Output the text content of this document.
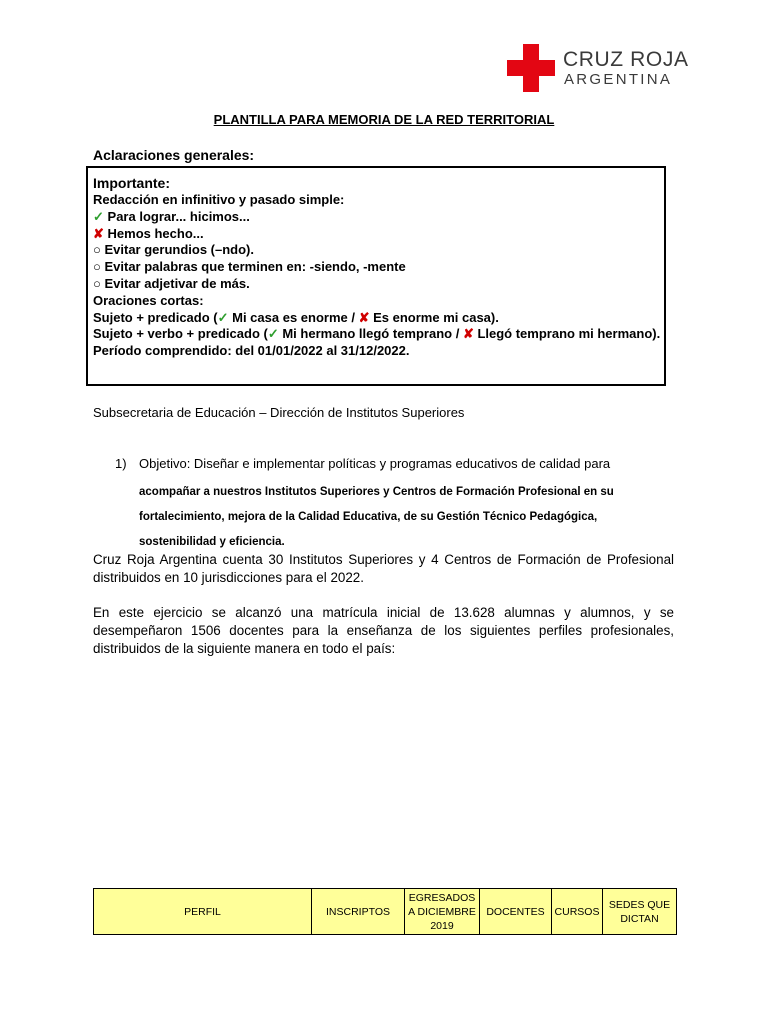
CRUZ ROJA
ARGENTINA
PLANTILLA PARA MEMORIA DE LA RED TERRITORIAL
Aclaraciones generales:
Importante:
Redacción en infinitivo y pasado simple:
✓ Para lograr... hicimos...
✘ Hemos hecho...
○ Evitar gerundios (–ndo).
○ Evitar palabras que terminen en: -siendo, -mente
○ Evitar adjetivar de más.
Oraciones cortas:
Sujeto + predicado (✓ Mi casa es enorme / ✘ Es enorme mi casa).
Sujeto + verbo + predicado (✓ Mi hermano llegó temprano / ✘ Llegó temprano mi hermano).
Período comprendido: del 01/01/2022 al 31/12/2022.
Subsecretaria de Educación – Dirección de Institutos Superiores
1) Objetivo: Diseñar e implementar políticas y programas educativos de calidad para
acompañar a nuestros Institutos Superiores y Centros de Formación Profesional en su fortalecimiento, mejora de la Calidad Educativa, de su Gestión Técnico Pedagógica, sostenibilidad y eficiencia.
Cruz Roja Argentina cuenta 30 Institutos Superiores y 4 Centros de Formación de Profesional distribuidos en 10 jurisdicciones para el 2022.
En este ejercicio se alcanzó una matrícula inicial de 13.628 alumnas y alumnos, y se desempeñaron 1506 docentes para la enseñanza de los siguientes perfiles profesionales, distribuidos de la siguiente manera en todo el país:
PERFIL	INSCRIPTOS	EGRESADOS A DICIEMBRE 2019	DOCENTES	CURSOS	SEDES QUE DICTAN
